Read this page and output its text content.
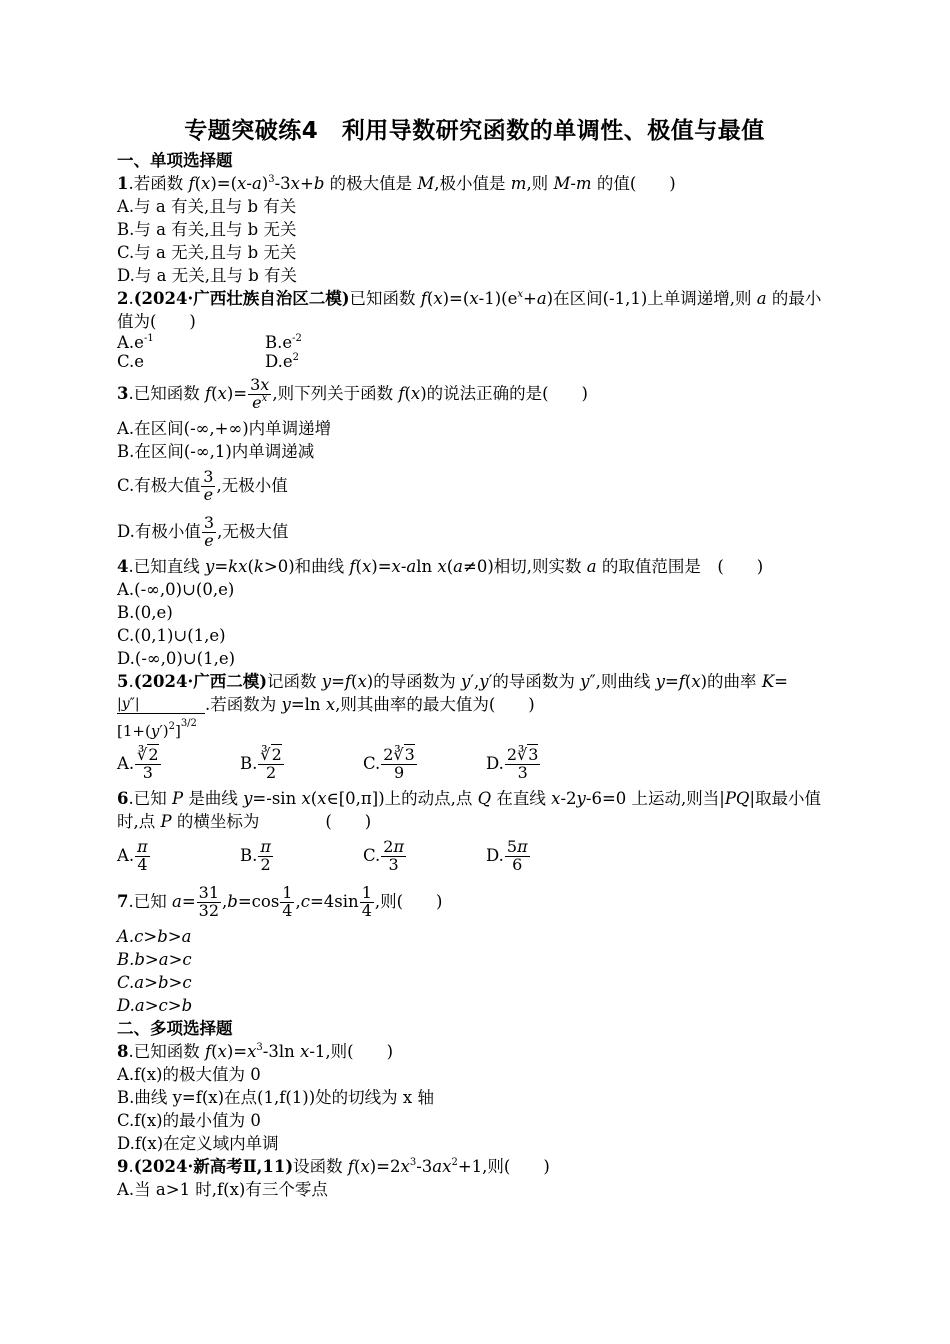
专题突破练4　利用导数研究函数的单调性、极值与最值
一、单项选择题
1.若函数 $f(x)=(x-a)^3-3x+b$ 的极大值是 M,极小值是 m,则 M-m 的值(　　)
A.与 a 有关,且与 b 有关
B.与 a 有关,且与 b 无关
C.与 a 无关,且与 b 无关
D.与 a 无关,且与 b 有关
2.(2024·广西壮族自治区二模)已知函数 $f(x)=(x-1)(e^x+a)$在区间(-1,1)上单调递增,则 a 的最小值为(　　)
$A.e^{-1}$	$B.e^{-2}$
C.e	$D.e^2$
3.已知函数 $f(x)= \frac{3x}{e^x}$ ,则下列关于函数 f(x)的说法正确的是(　　)
A.在区间(-∞,+∞)内单调递增
B.在区间(-∞,1)内单调递减
C.有极大值 $\frac{3}{e}$ ,无极小值
D.有极小值 $\frac{3}{e}$ ,无极大值
4.已知直线 y=kx(k>0)和曲线 f(x)=x-aln x(a≠0)相切,则实数 a 的取值范围是　(　　)
A.(-∞,0)∪(0,e)
B.(0,e)
C.(0,1)∪(1,e)
D.(-∞,0)∪(1,e)
5.(2024·广西二模)记函数 y=f(x)的导函数为 y′,y′的导函数为 y″,则曲线 y=f(x)的曲率 K=
$\frac{|y''|}{[1+(y')^2]^{3/2}}$ .若函数为 y=ln x,则其曲率的最大值为(　　)
A. $\frac{∛2}{3}$	B. $\frac{∛2}{2}$	C. $\frac{2∛3}{9}$	D. $\frac{2∛3}{3}$
6.已知 P 是曲线 y=-sin x(x∈[0,π])上的动点,点 Q 在直线 x-2y-6=0 上运动,则当|PQ|取最小值时,点 P 的横坐标为　　　　(　　)
A. $\frac{\pi}{4}$	B. $\frac{\pi}{2}$	C. $\frac{2\pi}{3}$	D. $\frac{5\pi}{6}$
7.已知 $a= \frac{31}{32} ,b=\cos \frac{1}{4} ,c=4\sin \frac{1}{4}$ ,则(　　)
A.c>b>a
B.b>a>c
C.a>b>c
D.a>c>b
二、多项选择题
8.已知函数 $f(x)=x^3-3\ln$ x-1,则(　　)
A.f(x)的极大值为 0
B.曲线 y=f(x)在点(1,f(1))处的切线为 x 轴
C.f(x)的最小值为 0
D.f(x)在定义域内单调
9.(2024·新高考Ⅱ,11)设函数 $f(x)=2x^3-3ax^2+1$,则(　　)
A.当 a>1 时,f(x)有三个零点
